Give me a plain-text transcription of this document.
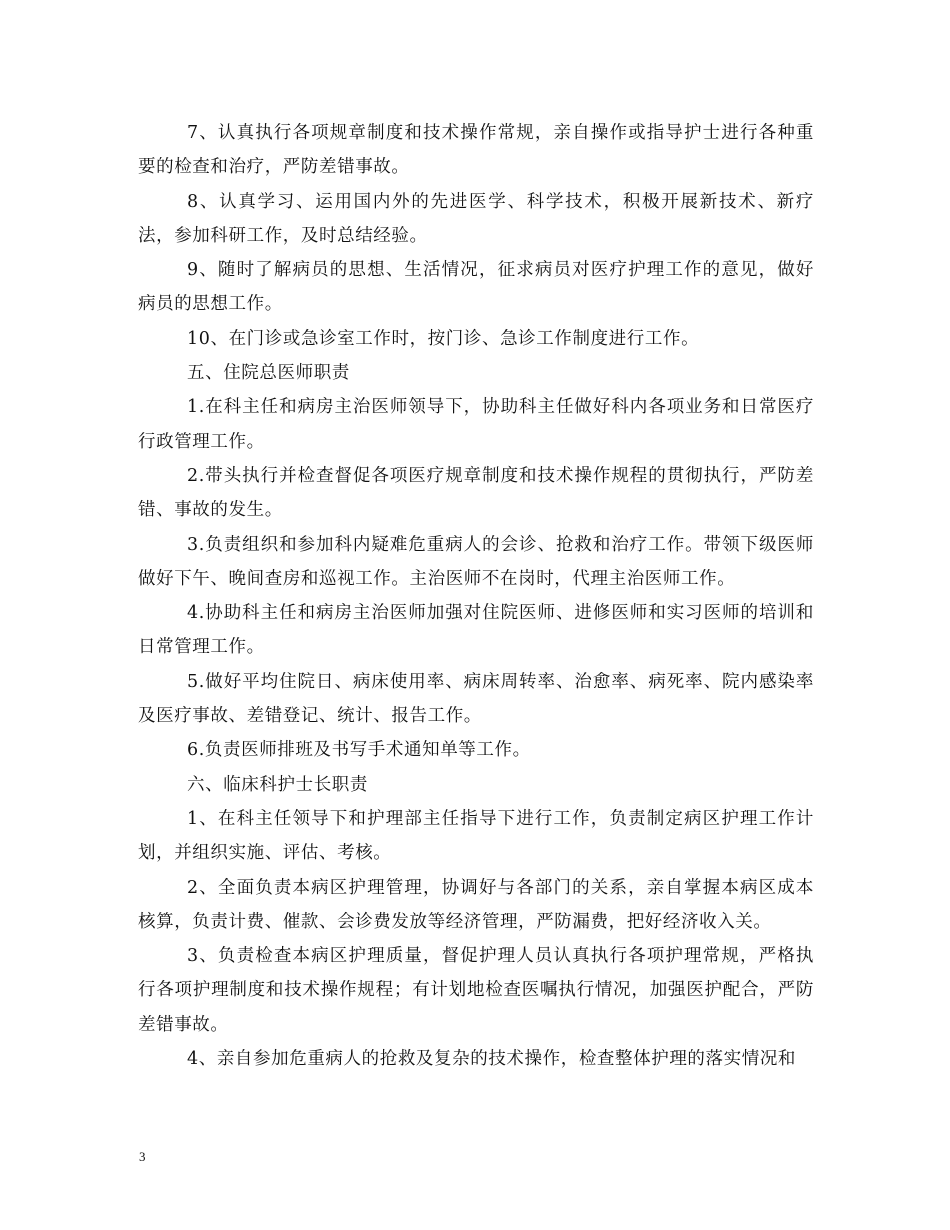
7、认真执行各项规章制度和技术操作常规，亲自操作或指导护士进行各种重要的检查和治疗，严防差错事故。

8、认真学习、运用国内外的先进医学、科学技术，积极开展新技术、新疗法，参加科研工作，及时总结经验。

9、随时了解病员的思想、生活情况，征求病员对医疗护理工作的意见，做好病员的思想工作。

10、在门诊或急诊室工作时，按门诊、急诊工作制度进行工作。

五、住院总医师职责

1.在科主任和病房主治医师领导下，协助科主任做好科内各项业务和日常医疗行政管理工作。

2.带头执行并检查督促各项医疗规章制度和技术操作规程的贯彻执行，严防差错、事故的发生。

3.负责组织和参加科内疑难危重病人的会诊、抢救和治疗工作。带领下级医师做好下午、晚间查房和巡视工作。主治医师不在岗时，代理主治医师工作。

4.协助科主任和病房主治医师加强对住院医师、进修医师和实习医师的培训和日常管理工作。

5.做好平均住院日、病床使用率、病床周转率、治愈率、病死率、院内感染率及医疗事故、差错登记、统计、报告工作。

6.负责医师排班及书写手术通知单等工作。

六、临床科护士长职责

1、在科主任领导下和护理部主任指导下进行工作，负责制定病区护理工作计划，并组织实施、评估、考核。

2、全面负责本病区护理管理，协调好与各部门的关系，亲自掌握本病区成本核算，负责计费、催款、会诊费发放等经济管理，严防漏费，把好经济收入关。

3、负责检查本病区护理质量，督促护理人员认真执行各项护理常规，严格执行各项护理制度和技术操作规程；有计划地检查医嘱执行情况，加强医护配合，严防差错事故。

4、亲自参加危重病人的抢救及复杂的技术操作，检查整体护理的落实情况和

3
